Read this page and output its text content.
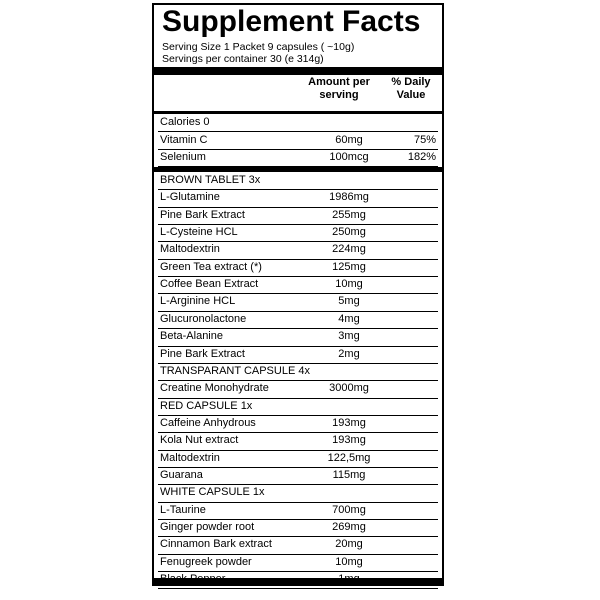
Supplement Facts
Serving Size 1 Packet 9 capsules ( ~10g)
Servings per container 30 (e 314g)
Amount per
serving
% Daily
Value
Calories 0
Vitamin C	60mg	75%
Selenium	100mcg	182%
BROWN TABLET 3x
L-Glutamine	1986mg
Pine Bark Extract	255mg
L-Cysteine HCL	250mg
Maltodextrin	224mg
Green Tea extract (*)	125mg
Coffee Bean Extract	10mg
L-Arginine HCL	5mg
Glucuronolactone	4mg
Beta-Alanine	3mg
Pine Bark Extract	2mg
TRANSPARANT CAPSULE 4x
Creatine Monohydrate	3000mg
RED CAPSULE 1x
Caffeine Anhydrous	193mg
Kola Nut extract	193mg
Maltodextrin	122,5mg
Guarana	115mg
WHITE CAPSULE 1x
L-Taurine	700mg
Ginger powder root	269mg
Cinnamon Bark extract	20mg
Fenugreek powder	10mg
